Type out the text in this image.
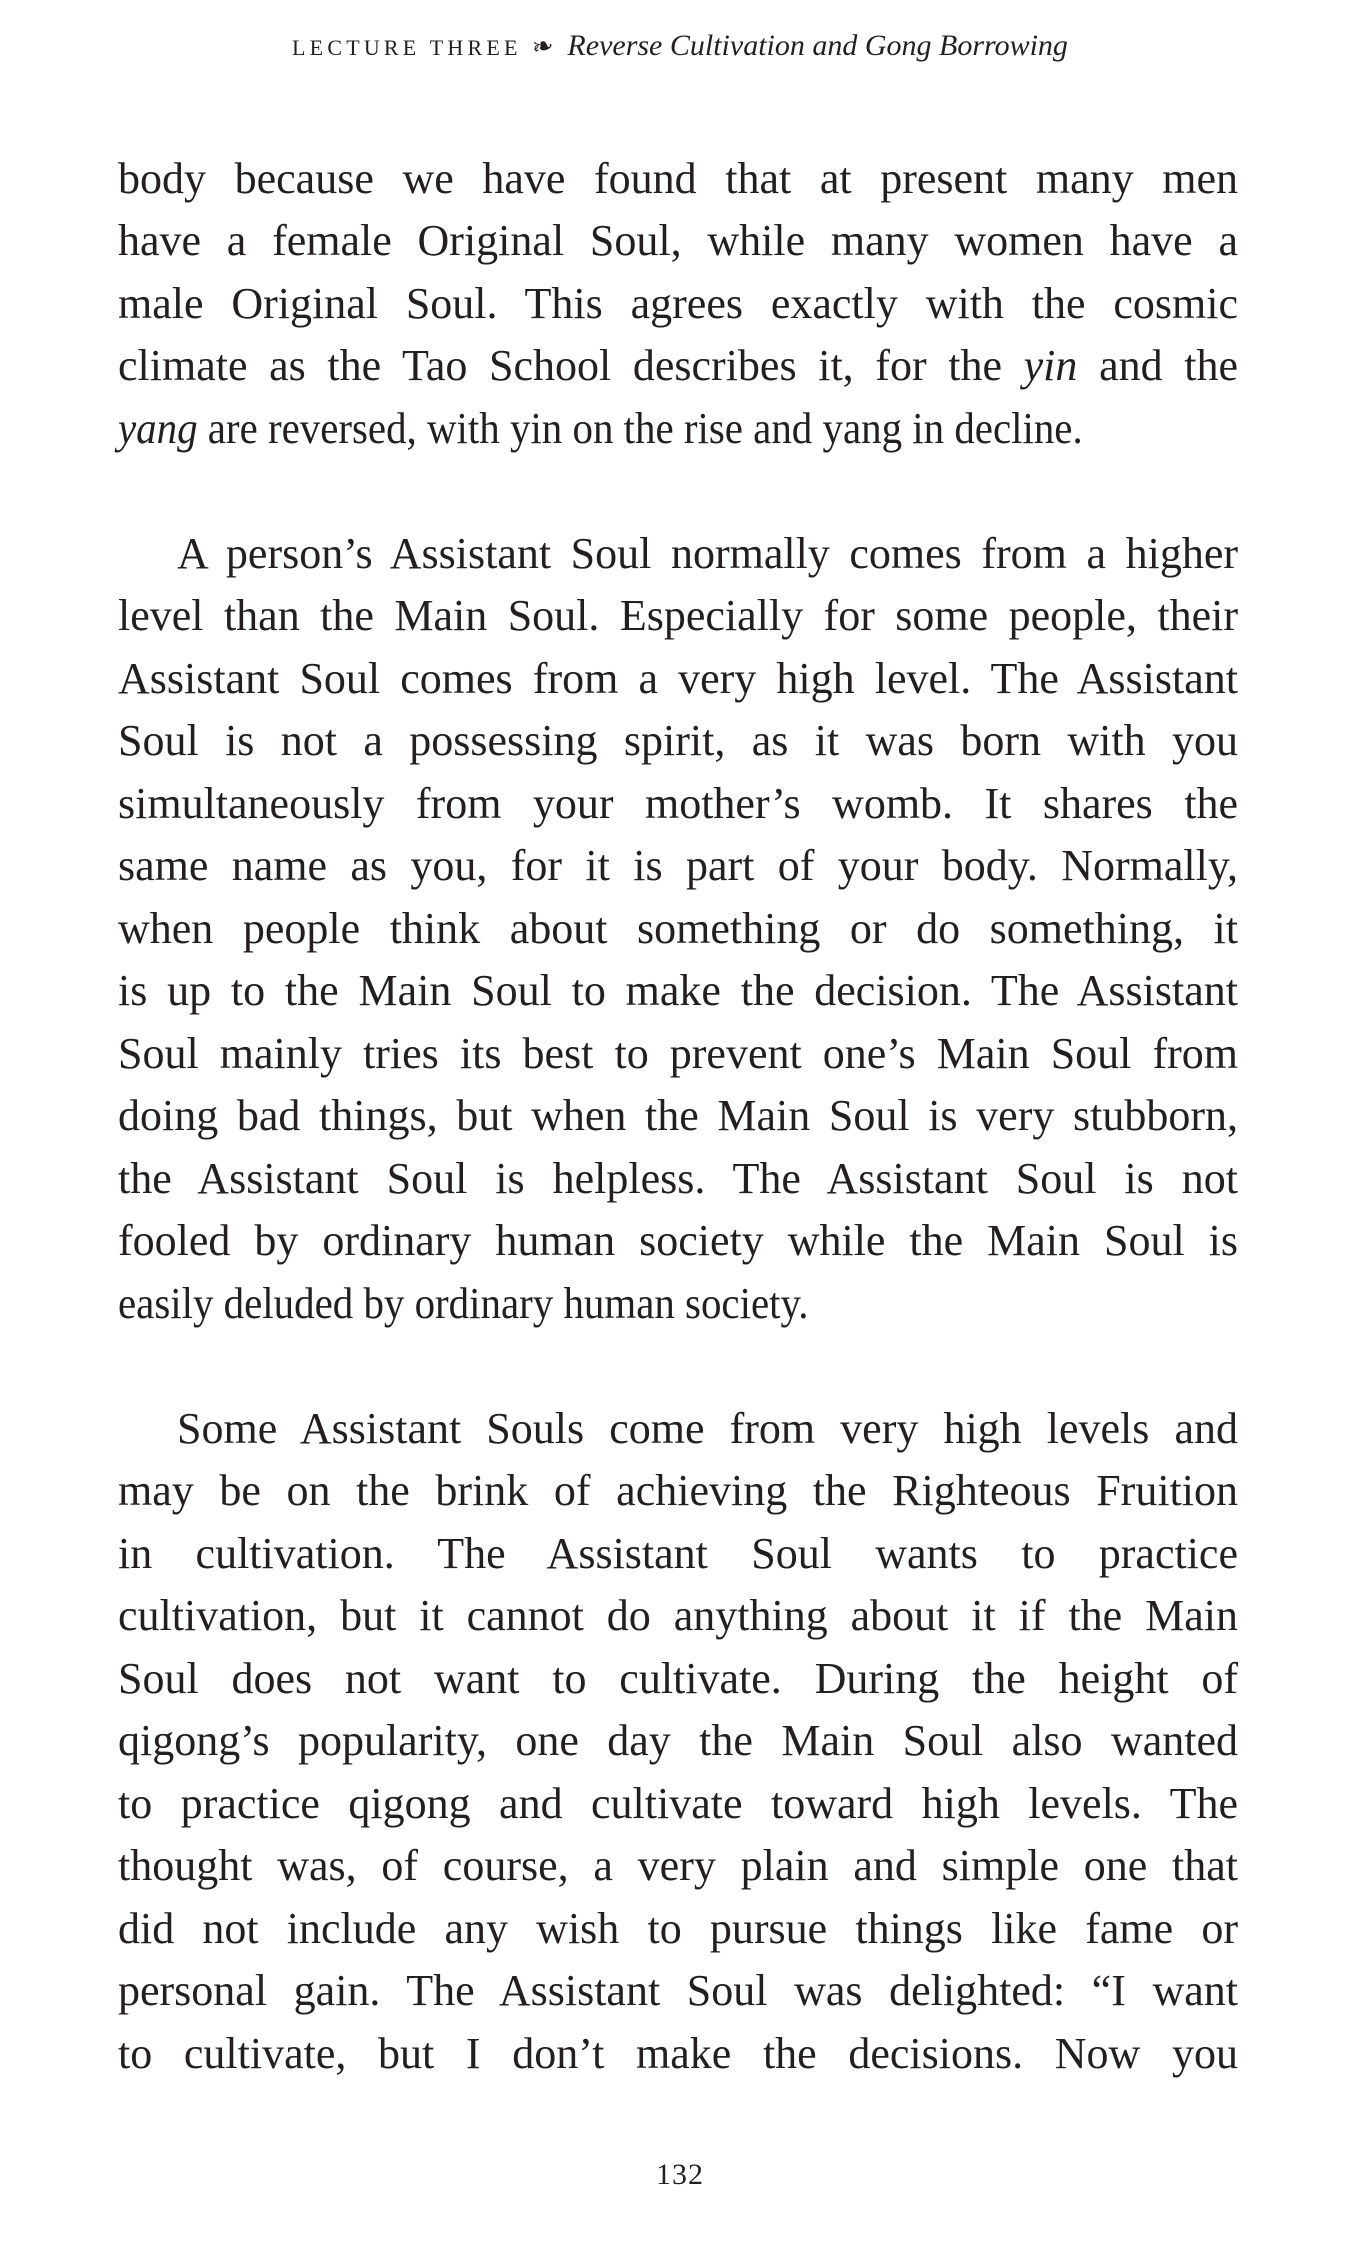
LECTURE THREE ❧ Reverse Cultivation and Gong Borrowing
body because we have found that at present many men
have a female Original Soul, while many women have a
male Original Soul. This agrees exactly with the cosmic
climate as the Tao School describes it, for the yin and the
yang are reversed, with yin on the rise and yang in decline.
A person’s Assistant Soul normally comes from a higher
level than the Main Soul. Especially for some people, their
Assistant Soul comes from a very high level. The Assistant
Soul is not a possessing spirit, as it was born with you
simultaneously from your mother’s womb. It shares the
same name as you, for it is part of your body. Normally,
when people think about something or do something, it
is up to the Main Soul to make the decision. The Assistant
Soul mainly tries its best to prevent one’s Main Soul from
doing bad things, but when the Main Soul is very stubborn,
the Assistant Soul is helpless. The Assistant Soul is not
fooled by ordinary human society while the Main Soul is
easily deluded by ordinary human society.
Some Assistant Souls come from very high levels and
may be on the brink of achieving the Righteous Fruition
in cultivation. The Assistant Soul wants to practice
cultivation, but it cannot do anything about it if the Main
Soul does not want to cultivate. During the height of
qigong’s popularity, one day the Main Soul also wanted
to practice qigong and cultivate toward high levels. The
thought was, of course, a very plain and simple one that
did not include any wish to pursue things like fame or
personal gain. The Assistant Soul was delighted: “I want
to cultivate, but I don’t make the decisions. Now you
132
